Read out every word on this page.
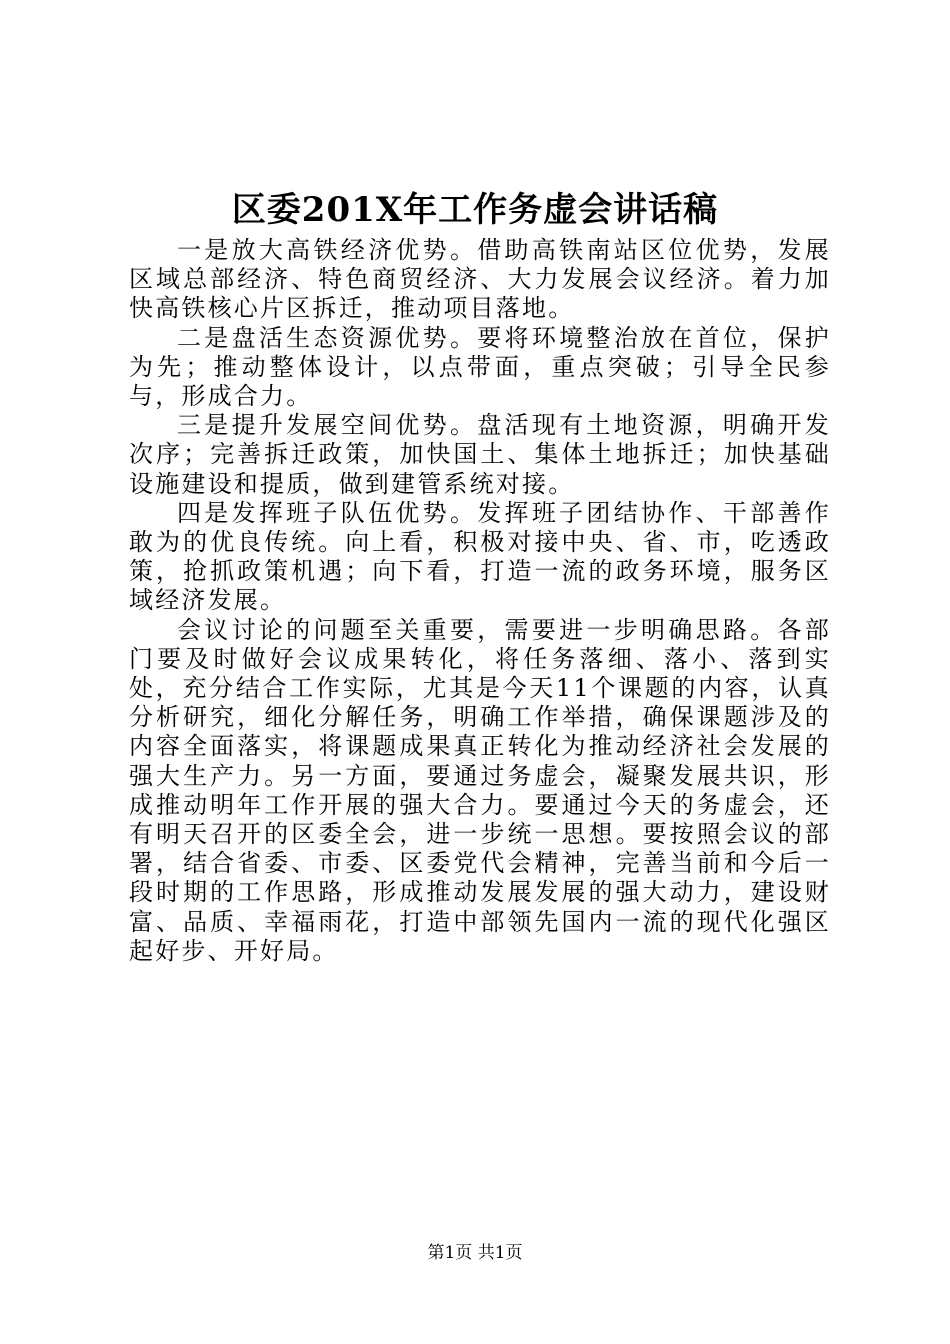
区委201X年工作务虚会讲话稿

一是放大高铁经济优势。借助高铁南站区位优势，发展区域总部经济、特色商贸经济、大力发展会议经济。着力加快高铁核心片区拆迁，推动项目落地。

二是盘活生态资源优势。要将环境整治放在首位，保护为先；推动整体设计，以点带面，重点突破；引导全民参与，形成合力。

三是提升发展空间优势。盘活现有土地资源，明确开发次序；完善拆迁政策，加快国土、集体土地拆迁；加快基础设施建设和提质，做到建管系统对接。

四是发挥班子队伍优势。发挥班子团结协作、干部善作敢为的优良传统。向上看，积极对接中央、省、市，吃透政策，抢抓政策机遇；向下看，打造一流的政务环境，服务区域经济发展。

会议讨论的问题至关重要，需要进一步明确思路。各部门要及时做好会议成果转化，将任务落细、落小、落到实处，充分结合工作实际，尤其是今天11个课题的内容，认真分析研究，细化分解任务，明确工作举措，确保课题涉及的内容全面落实，将课题成果真正转化为推动经济社会发展的强大生产力。另一方面，要通过务虚会，凝聚发展共识，形成推动明年工作开展的强大合力。要通过今天的务虚会，还有明天召开的区委全会，进一步统一思想。要按照会议的部署，结合省委、市委、区委党代会精神，完善当前和今后一段时期的工作思路，形成推动发展发展的强大动力，建设财富、品质、幸福雨花，打造中部领先国内一流的现代化强区起好步、开好局。

第1页 共1页
